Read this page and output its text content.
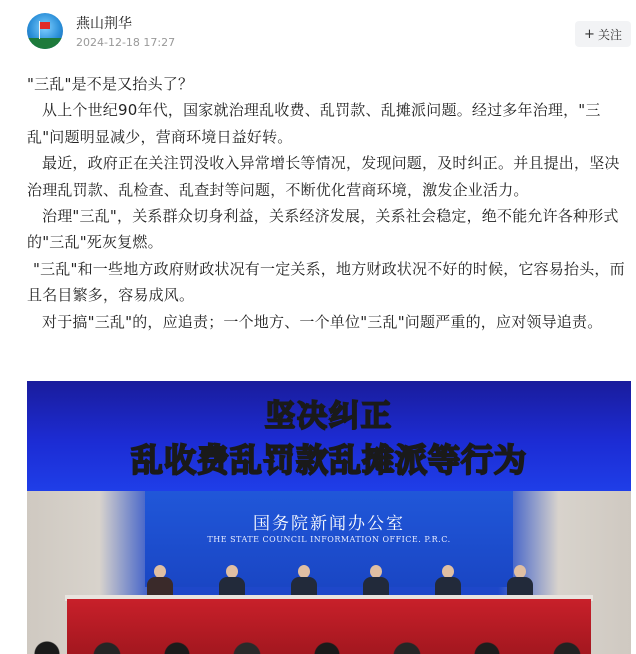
燕山荆华
2024-12-18 17:27
+ 关注

"三乱"是不是又抬头了？

从上个世纪90年代，国家就治理乱收费、乱罚款、乱摊派问题。经过多年治理，"三乱"问题明显减少，营商环境日益好转。

最近，政府正在关注罚没收入异常增长等情况，发现问题，及时纠正。并且提出，坚决治理乱罚款、乱检查、乱查封等问题，不断优化营商环境，激发企业活力。

治理"三乱"，关系群众切身利益，关系经济发展，关系社会稳定，绝不能允许各种形式的"三乱"死灰复燃。

"三乱"和一些地方政府财政状况有一定关系，地方财政状况不好的时候，它容易抬头，而且名目繁多，容易成风。

对于搞"三乱"的，应追责；一个地方、一个单位"三乱"问题严重的，应对领导追责。

坚决纠正
乱收费乱罚款乱摊派等行为
国务院新闻办公室
THE STATE COUNCIL INFORMATION OFFICE. P.R.C.
